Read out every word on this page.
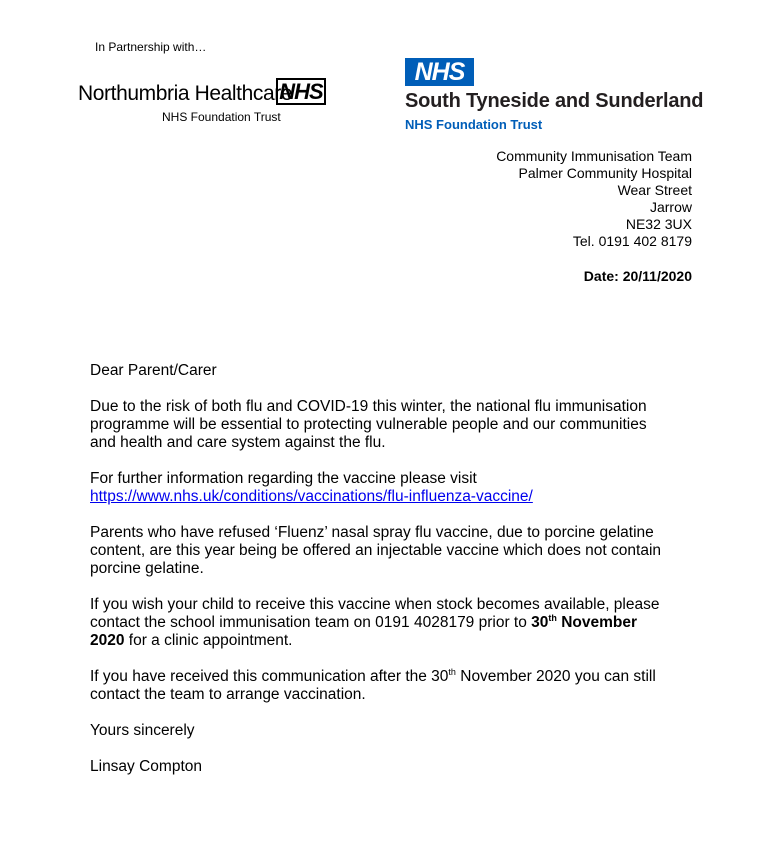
In Partnership with…
Northumbria Healthcare
NHS
NHS Foundation Trust
NHS
South Tyneside and Sunderland
NHS Foundation Trust
Community Immunisation Team
Palmer Community Hospital
Wear Street
Jarrow
NE32 3UX
Tel. 0191 402 8179
Date: 20/11/2020

Dear Parent/Carer

Due to the risk of both flu and COVID-19 this winter, the national flu immunisation
programme will be essential to protecting vulnerable people and our communities
and health and care system against the flu.

For further information regarding the vaccine please visit
https://www.nhs.uk/conditions/vaccinations/flu-influenza-vaccine/

Parents who have refused ‘Fluenz’ nasal spray flu vaccine, due to porcine gelatine
content, are this year being be offered an injectable vaccine which does not contain
porcine gelatine.

If you wish your child to receive this vaccine when stock becomes available, please
contact the school immunisation team on 0191 4028179 prior to 30th November
2020 for a clinic appointment.

If you have received this communication after the 30th November 2020 you can still
contact the team to arrange vaccination.

Yours sincerely

Linsay Compton
